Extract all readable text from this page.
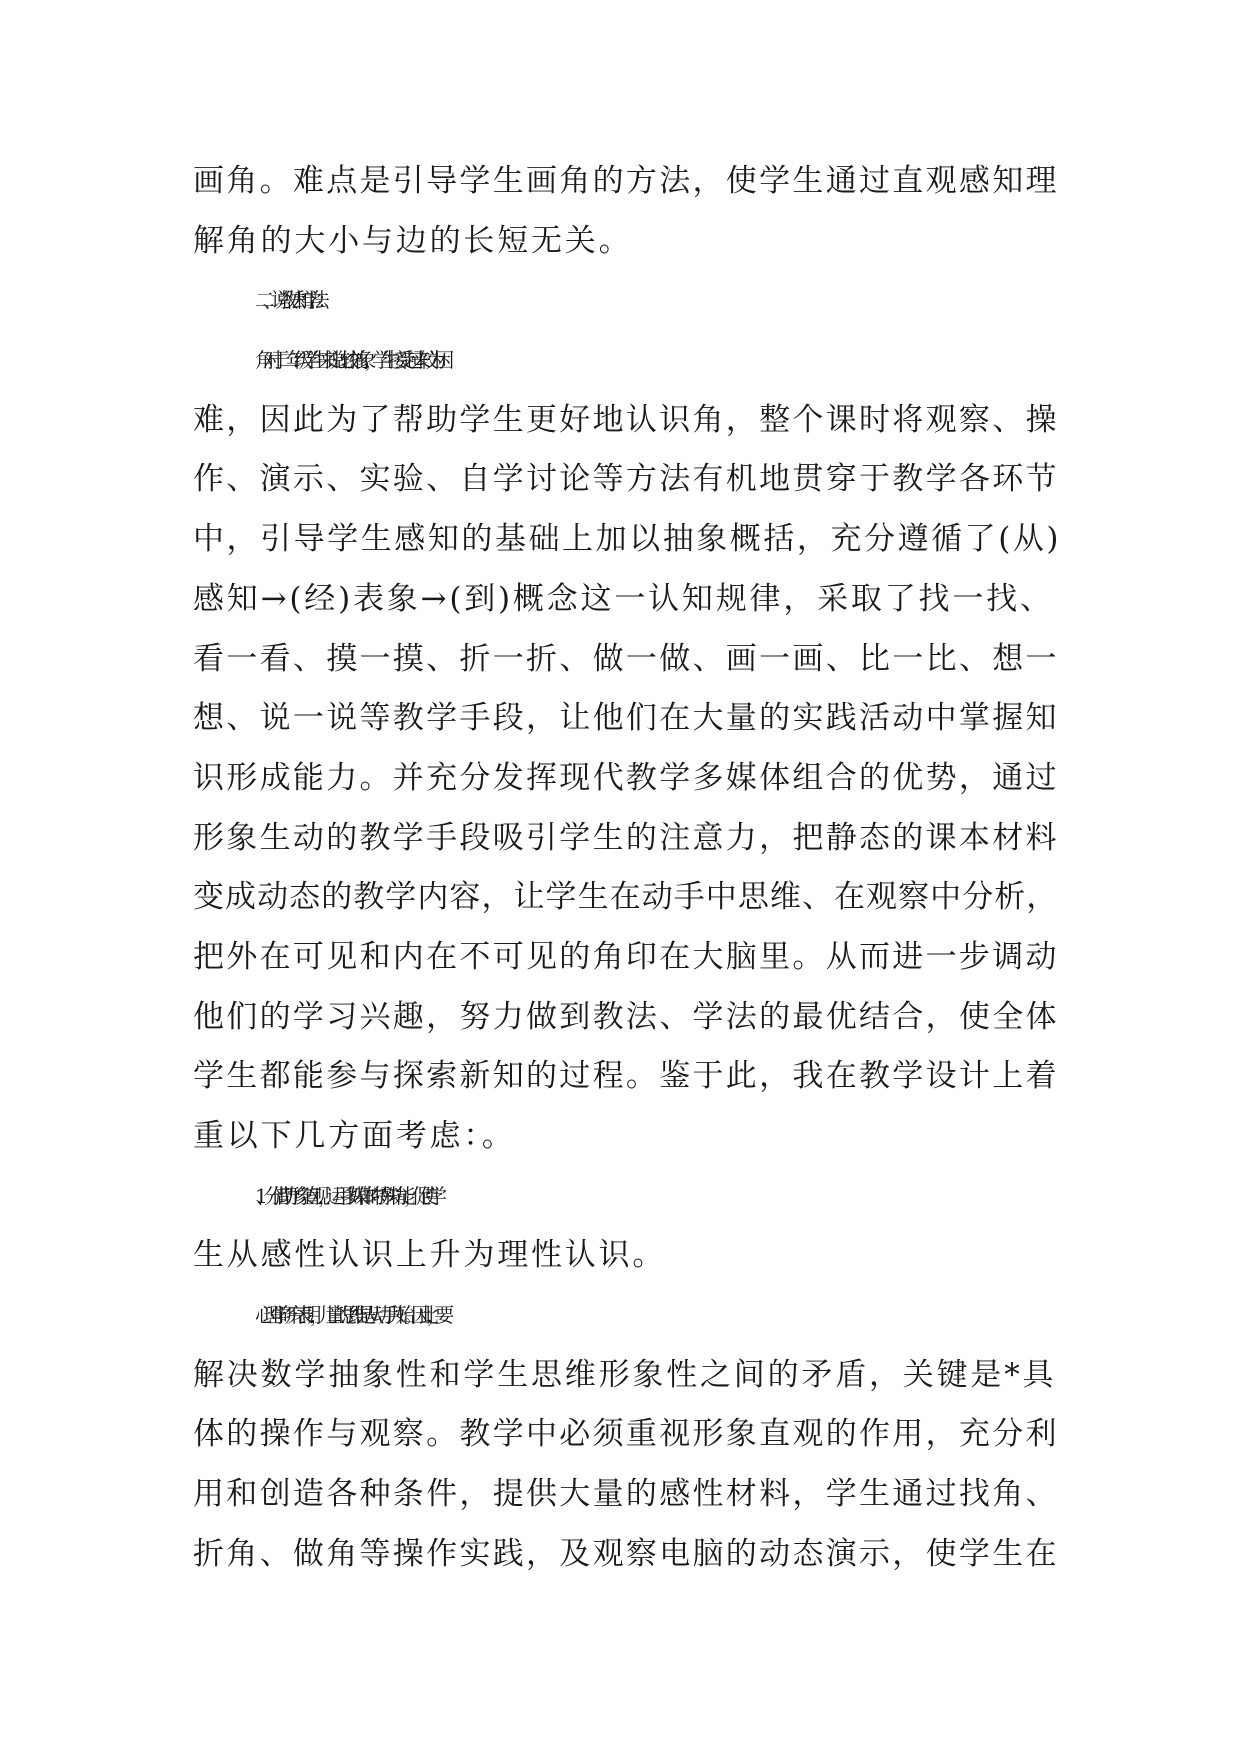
画角。难点是引导学生画角的方法，使学生通过直观感知理
解角的大小与边的长短无关。
二、说教法和学法：
角对于二年级学生来说比较抽象，学生接受起来较为困
难，因此为了帮助学生更好地认识角，整个课时将观察、操
作、演示、实验、自学讨论等方法有机地贯穿于教学各环节
中，引导学生感知的基础上加以抽象概括，充分遵循了(从)
感知→(经)表象→(到)概念这一认知规律，采取了找一找、
看一看、摸一摸、折一折、做一做、画一画、比一比、想一
想、说一说等教学手段，让他们在大量的实践活动中掌握知
识形成能力。并充分发挥现代教学多媒体组合的优势，通过
形象生动的教学手段吸引学生的注意力，把静态的课本材料
变成动态的教学内容，让学生在动手中思维、在观察中分析，
把外在可见和内在不可见的角印在大脑里。从而进一步调动
他们的学习兴趣，努力做到教法、学法的最优结合，使全体
学生都能参与探索新知的过程。鉴于此，我在教学设计上着
重以下几方面考虑：。
1、分借助形象直观，运用多媒体的特殊功能，促使学
生从感性认识上升为理性认识。
心理学研究表明，儿童的思维是从动手开始。因此，要
解决数学抽象性和学生思维形象性之间的矛盾，关键是*具
体的操作与观察。教学中必须重视形象直观的作用，充分利
用和创造各种条件，提供大量的感性材料，学生通过找角、
折角、做角等操作实践，及观察电脑的动态演示，使学生在
